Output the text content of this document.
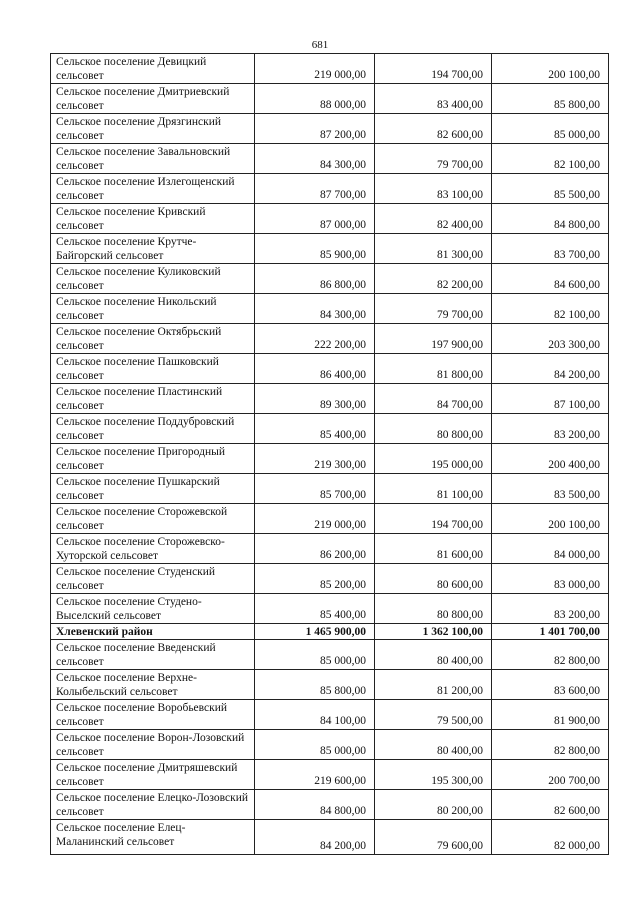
681
Сельское поселение Девицкий сельсовет	219 000,00	194 700,00	200 100,00
Сельское поселение Дмитриевский сельсовет	88 000,00	83 400,00	85 800,00
Сельское поселение Дрязгинский сельсовет	87 200,00	82 600,00	85 000,00
Сельское поселение Завальновский сельсовет	84 300,00	79 700,00	82 100,00
Сельское поселение Излегощенский сельсовет	87 700,00	83 100,00	85 500,00
Сельское поселение Кривский сельсовет	87 000,00	82 400,00	84 800,00
Сельское поселение Крутче-Байгорский сельсовет	85 900,00	81 300,00	83 700,00
Сельское поселение Куликовский сельсовет	86 800,00	82 200,00	84 600,00
Сельское поселение Никольский сельсовет	84 300,00	79 700,00	82 100,00
Сельское поселение Октябрьский сельсовет	222 200,00	197 900,00	203 300,00
Сельское поселение Пашковский сельсовет	86 400,00	81 800,00	84 200,00
Сельское поселение Пластинский сельсовет	89 300,00	84 700,00	87 100,00
Сельское поселение Поддубровский сельсовет	85 400,00	80 800,00	83 200,00
Сельское поселение Пригородный сельсовет	219 300,00	195 000,00	200 400,00
Сельское поселение Пушкарский сельсовет	85 700,00	81 100,00	83 500,00
Сельское поселение Сторожевской сельсовет	219 000,00	194 700,00	200 100,00
Сельское поселение Сторожевско-Хуторской сельсовет	86 200,00	81 600,00	84 000,00
Сельское поселение Студенский сельсовет	85 200,00	80 600,00	83 000,00
Сельское поселение Студено-Выселский сельсовет	85 400,00	80 800,00	83 200,00
Хлевенский район	1 465 900,00	1 362 100,00	1 401 700,00
Сельское поселение Введенский сельсовет	85 000,00	80 400,00	82 800,00
Сельское поселение Верхне-Колыбельский сельсовет	85 800,00	81 200,00	83 600,00
Сельское поселение Воробьевский сельсовет	84 100,00	79 500,00	81 900,00
Сельское поселение Ворон-Лозовский сельсовет	85 000,00	80 400,00	82 800,00
Сельское поселение Дмитряшевский сельсовет	219 600,00	195 300,00	200 700,00
Сельское поселение Елецко-Лозовский сельсовет	84 800,00	80 200,00	82 600,00
Сельское поселение Елец-Маланинский сельсовет	84 200,00	79 600,00	82 000,00
